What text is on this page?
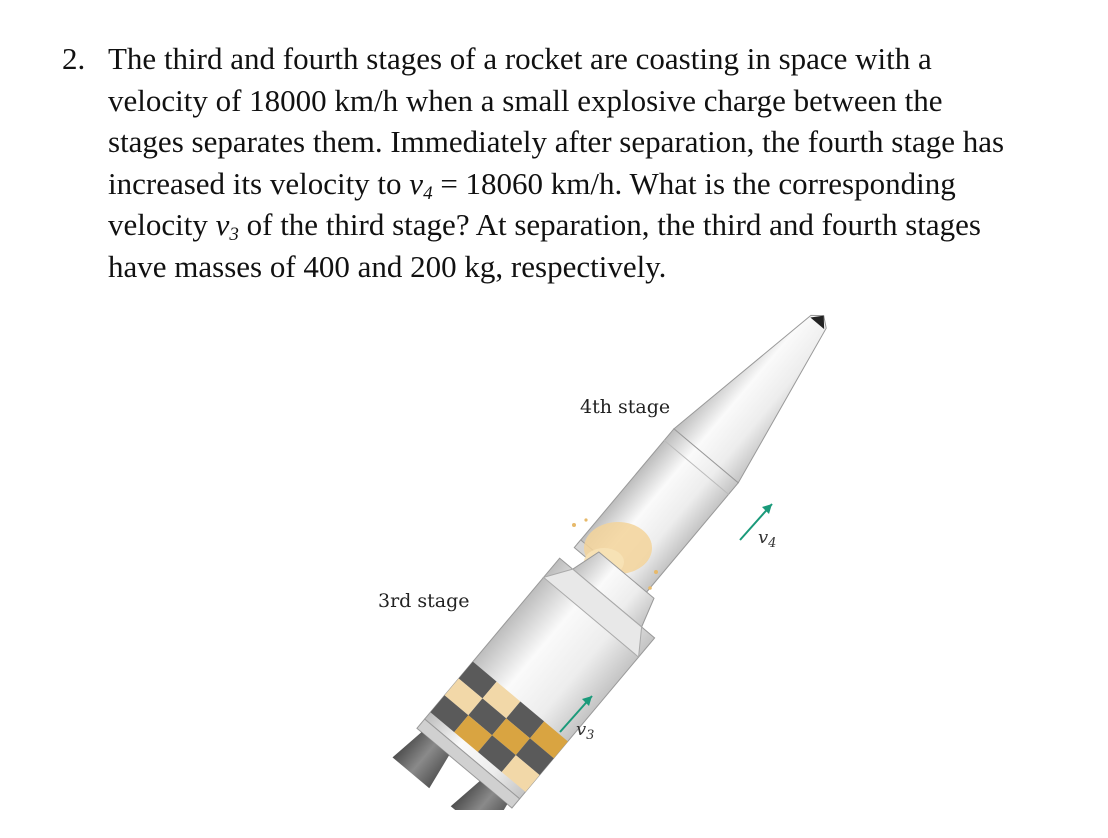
2. The third and fourth stages of a rocket are coasting in space with a
velocity of 18000 km/h when a small explosive charge between the
stages separates them. Immediately after separation, the fourth stage has
increased its velocity to $v_4 = 18060$ km/h. What is the corresponding
velocity $v_3$ of the third stage? At separation, the third and fourth stages
have masses of 400 and 200 kg, respectively.
4th stage
3rd stage
$v_4$
$v_3$
